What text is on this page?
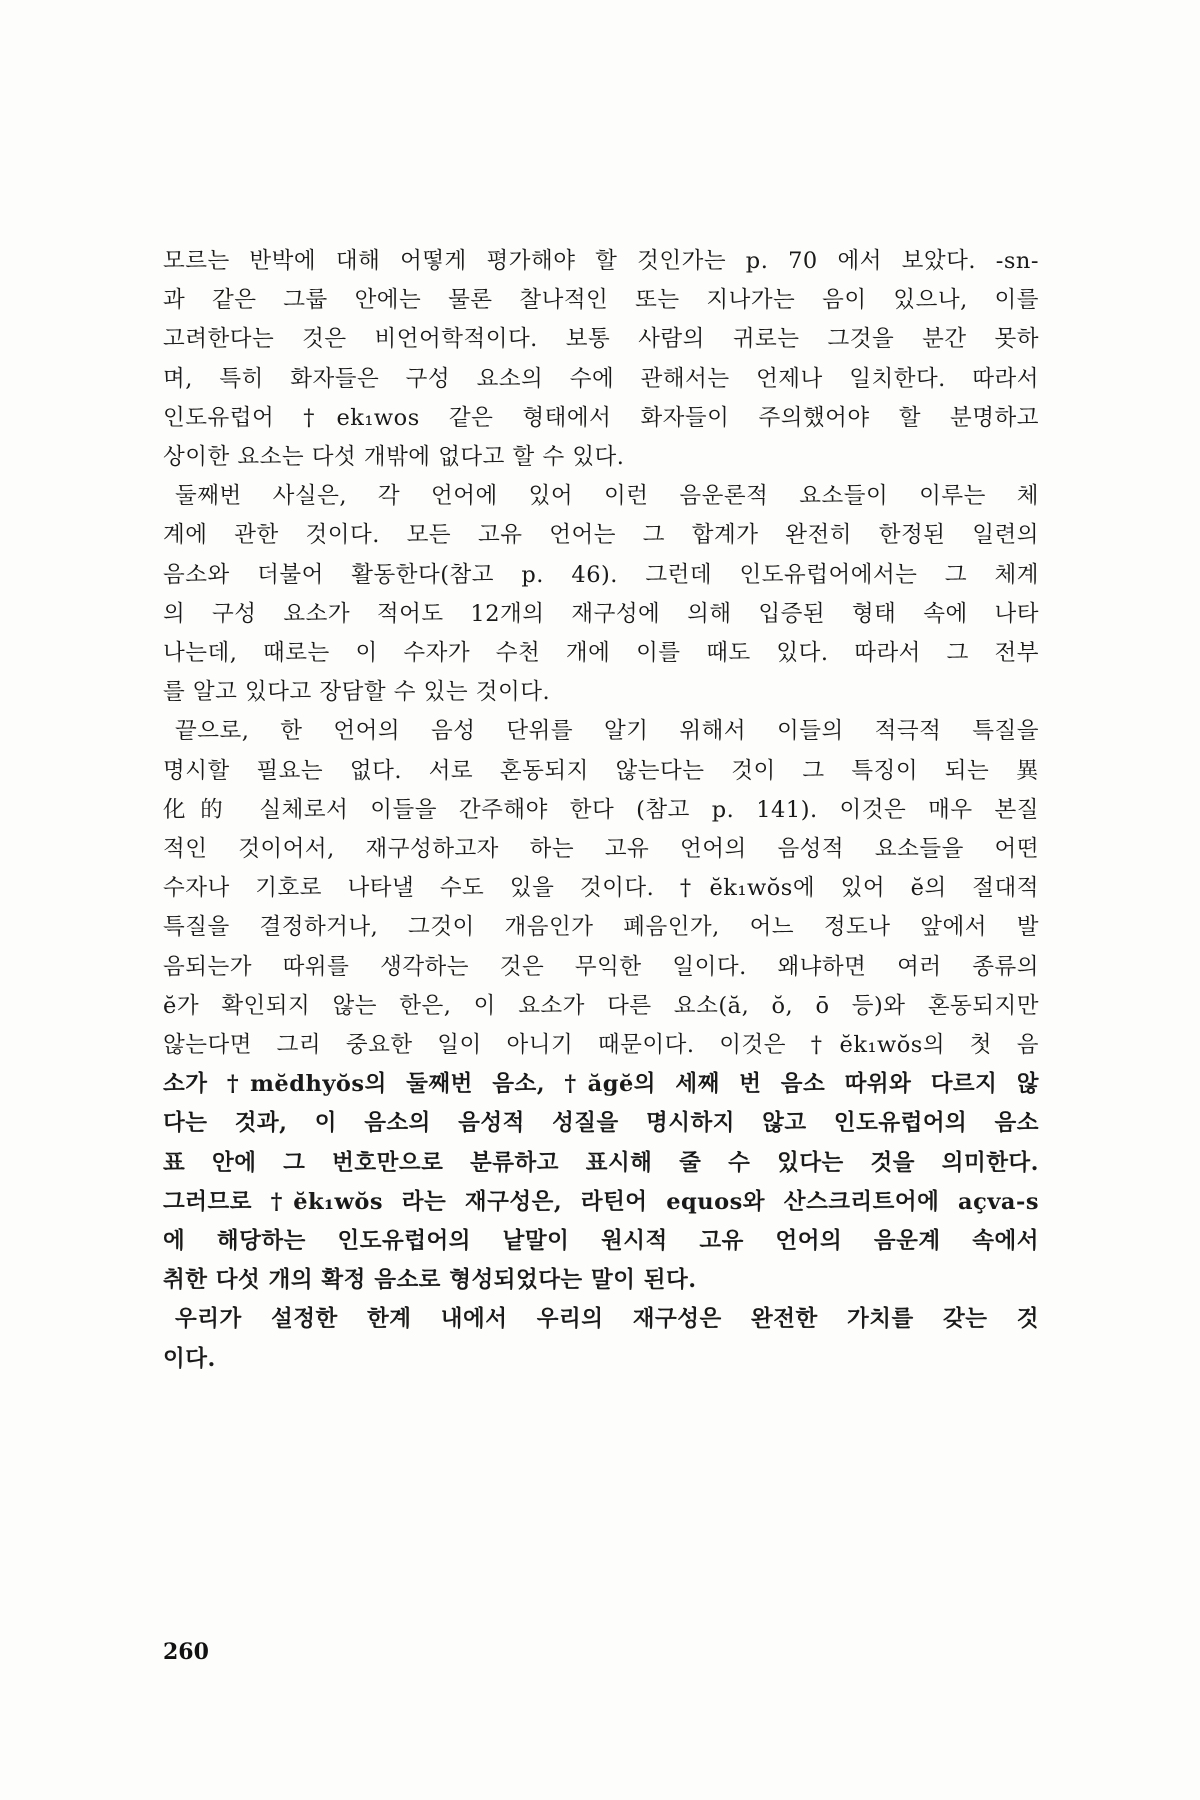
모르는 반박에 대해 어떻게 평가해야 할 것인가는 p. 70 에서 보았다. -sn-
과 같은 그룹 안에는 물론 찰나적인 또는 지나가는 음이 있으나, 이를
고려한다는 것은 비언어학적이다. 보통 사람의 귀로는 그것을 분간 못하
며, 특히 화자들은 구성 요소의 수에 관해서는 언제나 일치한다. 따라서
인도유럽어 †ek₁wos 같은 형태에서 화자들이 주의했어야 할 분명하고
상이한 요소는 다섯 개밖에 없다고 할 수 있다.

둘째번 사실은, 각 언어에 있어 이런 음운론적 요소들이 이루는 체
계에 관한 것이다. 모든 고유 언어는 그 합계가 완전히 한정된 일련의
음소와 더불어 활동한다(참고 p. 46). 그런데 인도유럽어에서는 그 체계
의 구성 요소가 적어도 12개의 재구성에 의해 입증된 형태 속에 나타
나는데, 때로는 이 수자가 수천 개에 이를 때도 있다. 따라서 그 전부
를 알고 있다고 장담할 수 있는 것이다.

끝으로, 한 언어의 음성 단위를 알기 위해서 이들의 적극적 특질을
명시할 필요는 없다. 서로 혼동되지 않는다는 것이 그 특징이 되는 異
化的 실체로서 이들을 간주해야 한다 (참고 p. 141). 이것은 매우 본질
적인 것이어서, 재구성하고자 하는 고유 언어의 음성적 요소들을 어떤
수자나 기호로 나타낼 수도 있을 것이다. †ĕk₁wŏs에 있어 ĕ의 절대적
특질을 결정하거나, 그것이 개음인가 폐음인가, 어느 정도나 앞에서 발
음되는가 따위를 생각하는 것은 무익한 일이다. 왜냐하면 여러 종류의
ĕ가 확인되지 않는 한은, 이 요소가 다른 요소(ă, ŏ, ō 등)와 혼동되지만
않는다면 그리 중요한 일이 아니기 때문이다. 이것은 †ĕk₁wŏs의 첫 음
소가 †mĕdhyŏs의 둘째번 음소, †ăgĕ의 세째 번 음소 따위와 다르지 않
다는 것과, 이 음소의 음성적 성질을 명시하지 않고 인도유럽어의 음소
표 안에 그 번호만으로 분류하고 표시해 줄 수 있다는 것을 의미한다.
그러므로 †ĕk₁wŏs 라는 재구성은, 라틴어 equos와 산스크리트어에 açva-s
에 해당하는 인도유럽어의 낱말이 원시적 고유 언어의 음운계 속에서
취한 다섯 개의 확정 음소로 형성되었다는 말이 된다.

우리가 설정한 한계 내에서 우리의 재구성은 완전한 가치를 갖는 것
이다.

260
